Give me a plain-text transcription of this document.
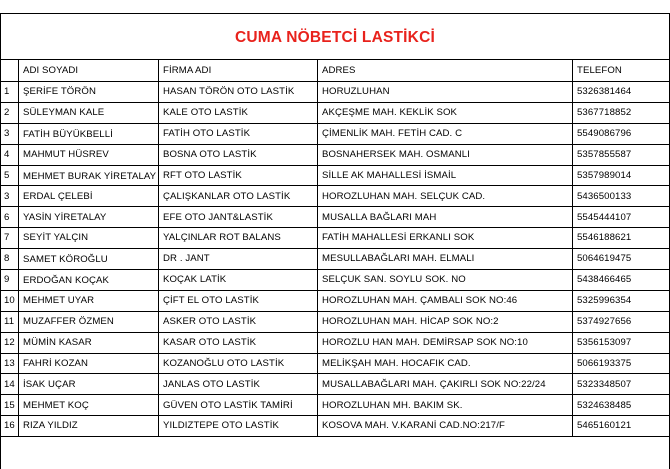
CUMA NÖBETCİ LASTİKCİ
	ADI SOYADI	FİRMA ADI	ADRES	TELEFON
1	ŞERİFE TÖRÖN	HASAN TÖRÖN OTO LASTİK	HORUZLUHAN	5326381464
2	SÜLEYMAN KALE	KALE OTO LASTİK	AKÇEŞME MAH. KEKLİK SOK	5367718852
3	FATİH BÜYÜKBELLİ	FATİH OTO LASTİK	ÇİMENLİK MAH. FETİH CAD. C	5549086796
4	MAHMUT HÜSREV	BOSNA OTO LASTİK	BOSNAHERSEK MAH. OSMANLI	5357855587
5	MEHMET BURAK YİRETALAY	RFT OTO LASTİK	SİLLE AK MAHALLESİ İSMAİL	5357989014
3	ERDAL ÇELEBİ	ÇALIŞKANLAR OTO LASTİK	HOROZLUHAN MAH. SELÇUK CAD.	5436500133
6	YASİN YİRETALAY	EFE OTO JANT&LASTİK	MUSALLA BAĞLARI MAH	5545444107
7	SEYİT YALÇIN	YALÇINLAR ROT BALANS	FATİH MAHALLESİ ERKANLI SOK	5546188621
8	SAMET KÖROĞLU	DR . JANT	MESULLABAĞLARI MAH. ELMALI	5064619475
9	ERDOĞAN KOÇAK	KOÇAK LATİK	SELÇUK SAN. SOYLU SOK. NO	5438466465
10	MEHMET UYAR	ÇİFT EL OTO LASTİK	HOROZLUHAN MAH. ÇAMBALI SOK NO:46	5325996354
11	MUZAFFER ÖZMEN	ASKER OTO LASTİK	HOROZLUHAN MAH. HİCAP SOK NO:2	5374927656
12	MÜMİN KASAR	KASAR OTO LASTİK	HOROZLU HAN MAH. DEMİRSAP SOK NO:10	5356153097
13	FAHRİ KOZAN	KOZANOĞLU OTO LASTİK	MELİKŞAH MAH. HOCAFIK CAD.	5066193375
14	İSAK UÇAR	JANLAS OTO LASTİK	MUSALLABAĞLARI MAH. ÇAKIRLI SOK NO:22/24	5323348507
15	MEHMET KOÇ	GÜVEN OTO LASTİK TAMİRİ	HOROZLUHAN MH. BAKIM SK.	5324638485
16	RIZA YILDIZ	YILDIZTEPE OTO LASTİK	KOSOVA MAH. V.KARANİ CAD.NO:217/F	5465160121
